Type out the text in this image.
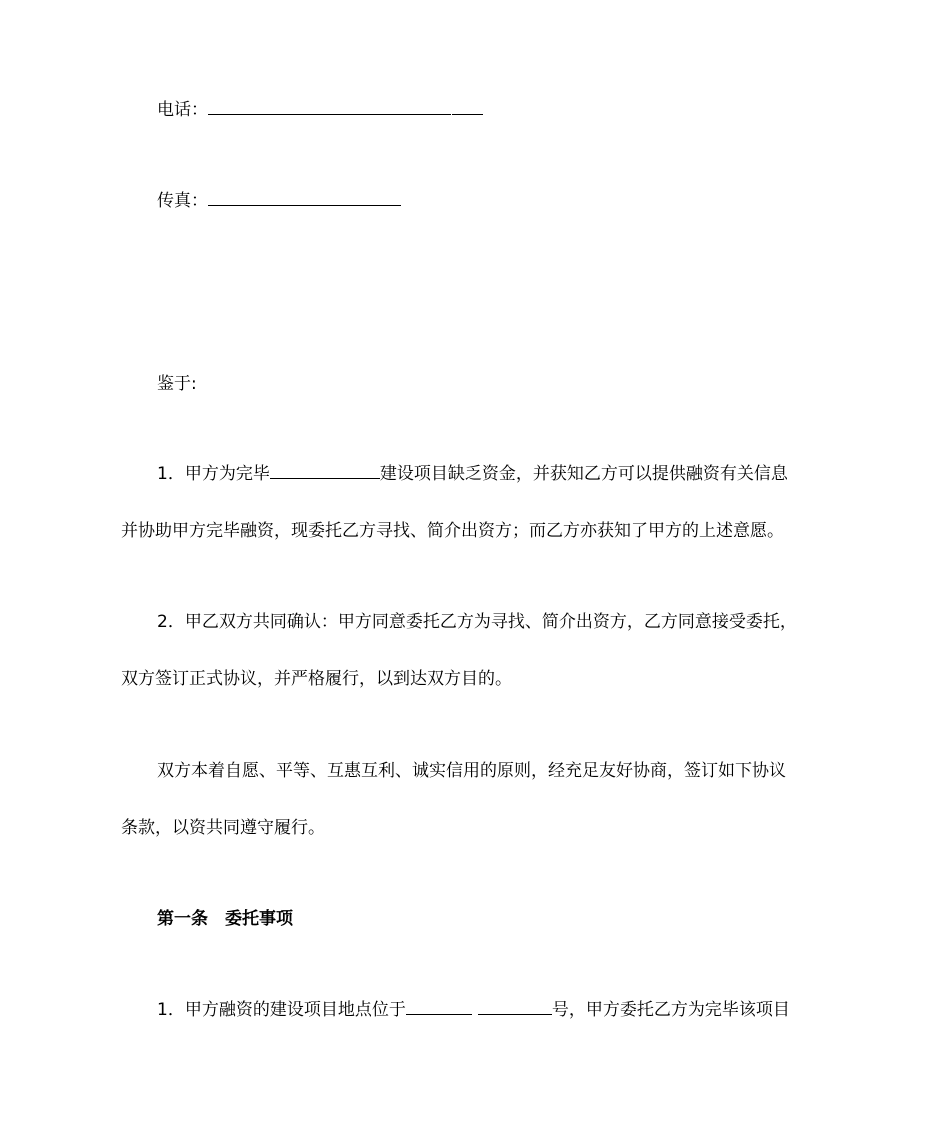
电话：
传真：
鉴于:
1．甲方为完毕	建设项目缺乏资金，并获知乙方可以提供融资有关信息
并协助甲方完毕融资，现委托乙方寻找、简介出资方；而乙方亦获知了甲方的上述意愿。
2．甲乙双方共同确认：甲方同意委托乙方为寻找、简介出资方，乙方同意接受委托，
双方签订正式协议，并严格履行，以到达双方目的。
双方本着自愿、平等、互惠互利、诚实信用的原则，经充足友好协商，签订如下协议
条款，以资共同遵守履行。
第一条　委托事项
1．甲方融资的建设项目地点位于	号，甲方委托乙方为完毕该项目
